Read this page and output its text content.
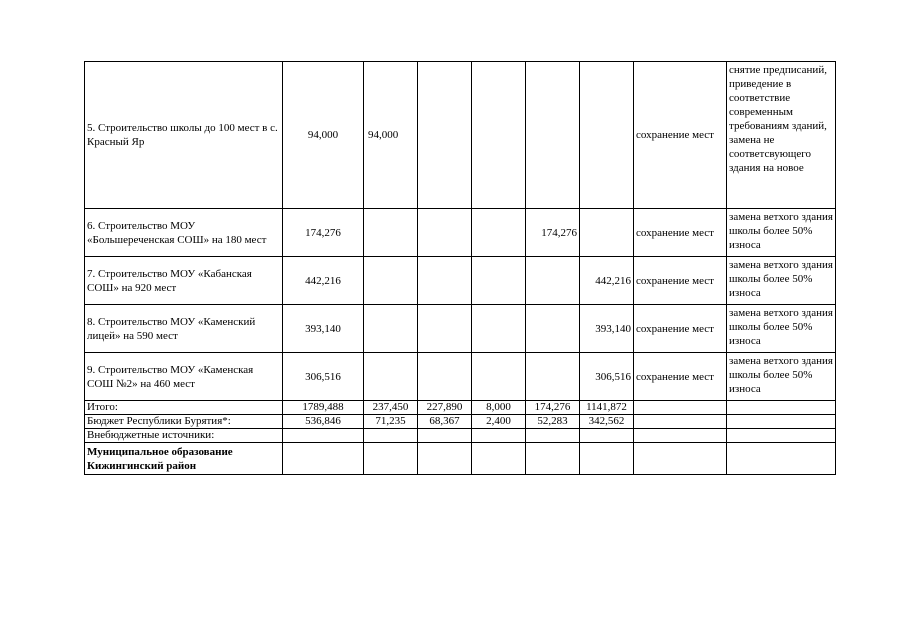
5. Строительство школы до 100 мест в с. Красный Яр	94,000	94,000					сохранение мест	снятие предписаний, приведение в соответствие современным требованиям зданий, замена не соответсвующего здания на новое
6. Строительство МОУ «Большереченская СОШ» на 180 мест	174,276				174,276		сохранение мест	замена ветхого здания школы более 50% износа
7. Строительство МОУ «Кабанская СОШ» на 920 мест	442,216					442,216	сохранение мест	замена ветхого здания школы более 50% износа
8. Строительство МОУ «Каменский лицей» на 590 мест	393,140					393,140	сохранение мест	замена ветхого здания школы более 50% износа
9. Строительство МОУ «Каменская СОШ №2» на 460 мест	306,516					306,516	сохранение мест	замена ветхого здания школы более 50% износа
Итого:	1789,488	237,450	227,890	8,000	174,276	1141,872		
Бюджет Республики Бурятия*:	536,846	71,235	68,367	2,400	52,283	342,562		
Внебюджетные источники:								
Муниципальное образование Кижингинский район								
